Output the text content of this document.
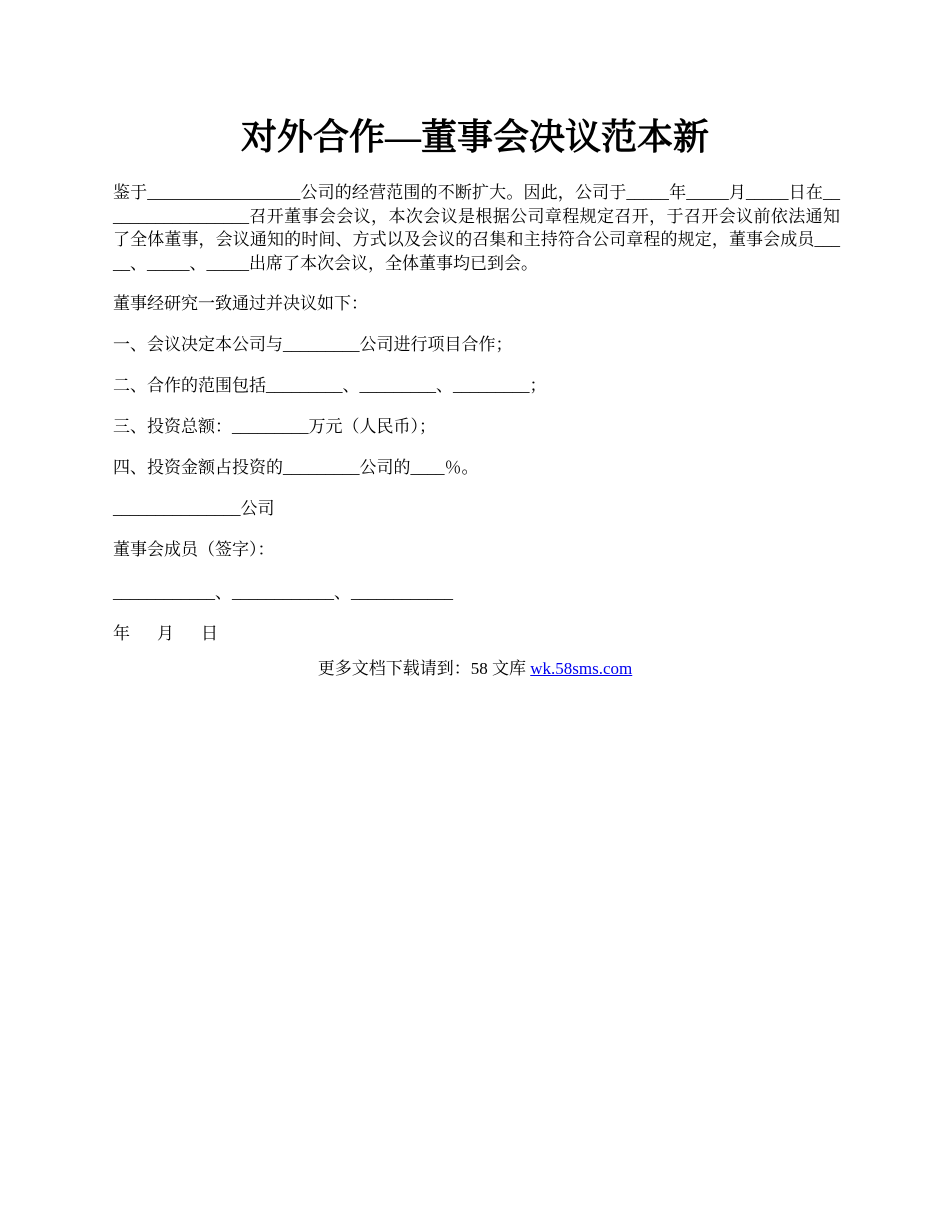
对外合作—董事会决议范本新

鉴于__________________公司的经营范围的不断扩大。因此，公司于_____年_____月_____日在__________________召开董事会会议，本次会议是根据公司章程规定召开，于召开会议前依法通知了全体董事，会议通知的时间、方式以及会议的召集和主持符合公司章程的规定，董事会成员_____、_____、_____出席了本次会议，全体董事均已到会。

董事经研究一致通过并决议如下：

一、会议决定本公司与_________公司进行项目合作；

二、合作的范围包括_________、_________、_________；

三、投资总额：_________万元（人民币）；

四、投资金额占投资的_________公司的____％。

_______________公司

董事会成员（签字）：

____________、____________、____________

年 月 日

更多文档下载请到：58 文库 wk.58sms.com
